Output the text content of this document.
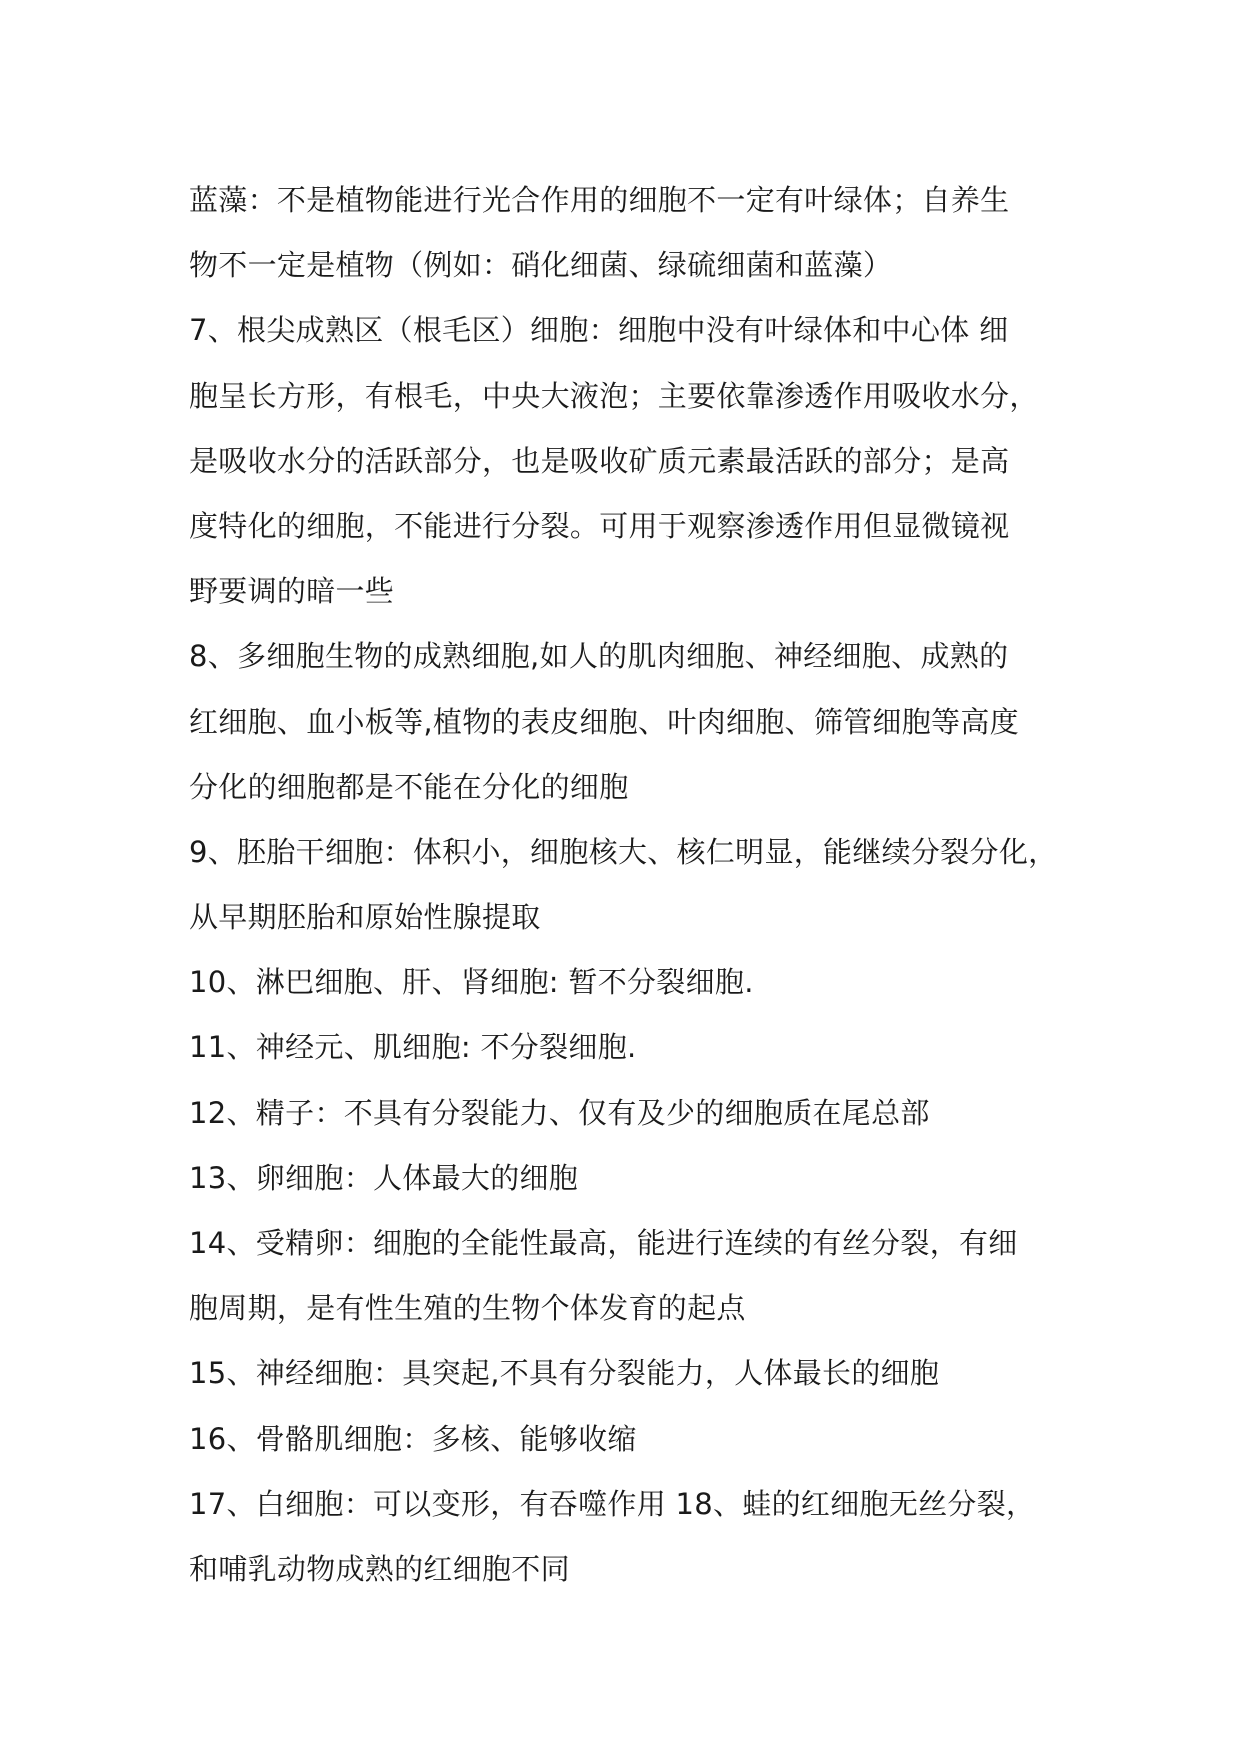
蓝藻：不是植物能进行光合作用的细胞不一定有叶绿体；自养生
物不一定是植物（例如：硝化细菌、绿硫细菌和蓝藻）
7、根尖成熟区（根毛区）细胞：细胞中没有叶绿体和中心体 细
胞呈长方形，有根毛，中央大液泡；主要依靠渗透作用吸收水分，
是吸收水分的活跃部分，也是吸收矿质元素最活跃的部分；是高
度特化的细胞，不能进行分裂。可用于观察渗透作用但显微镜视
野要调的暗一些
8、多细胞生物的成熟细胞,如人的肌肉细胞、神经细胞、成熟的
红细胞、血小板等,植物的表皮细胞、叶肉细胞、筛管细胞等高度
分化的细胞都是不能在分化的细胞
9、胚胎干细胞：体积小，细胞核大、核仁明显，能继续分裂分化，
从早期胚胎和原始性腺提取
10、淋巴细胞、肝、肾细胞: 暂不分裂细胞.
11、神经元、肌细胞: 不分裂细胞.
12、精子：不具有分裂能力、仅有及少的细胞质在尾总部
13、卵细胞：人体最大的细胞
14、受精卵：细胞的全能性最高，能进行连续的有丝分裂，有细
胞周期，是有性生殖的生物个体发育的起点
15、神经细胞：具突起,不具有分裂能力，人体最长的细胞
16、骨骼肌细胞：多核、能够收缩
17、白细胞：可以变形，有吞噬作用 18、蛙的红细胞无丝分裂，
和哺乳动物成熟的红细胞不同
